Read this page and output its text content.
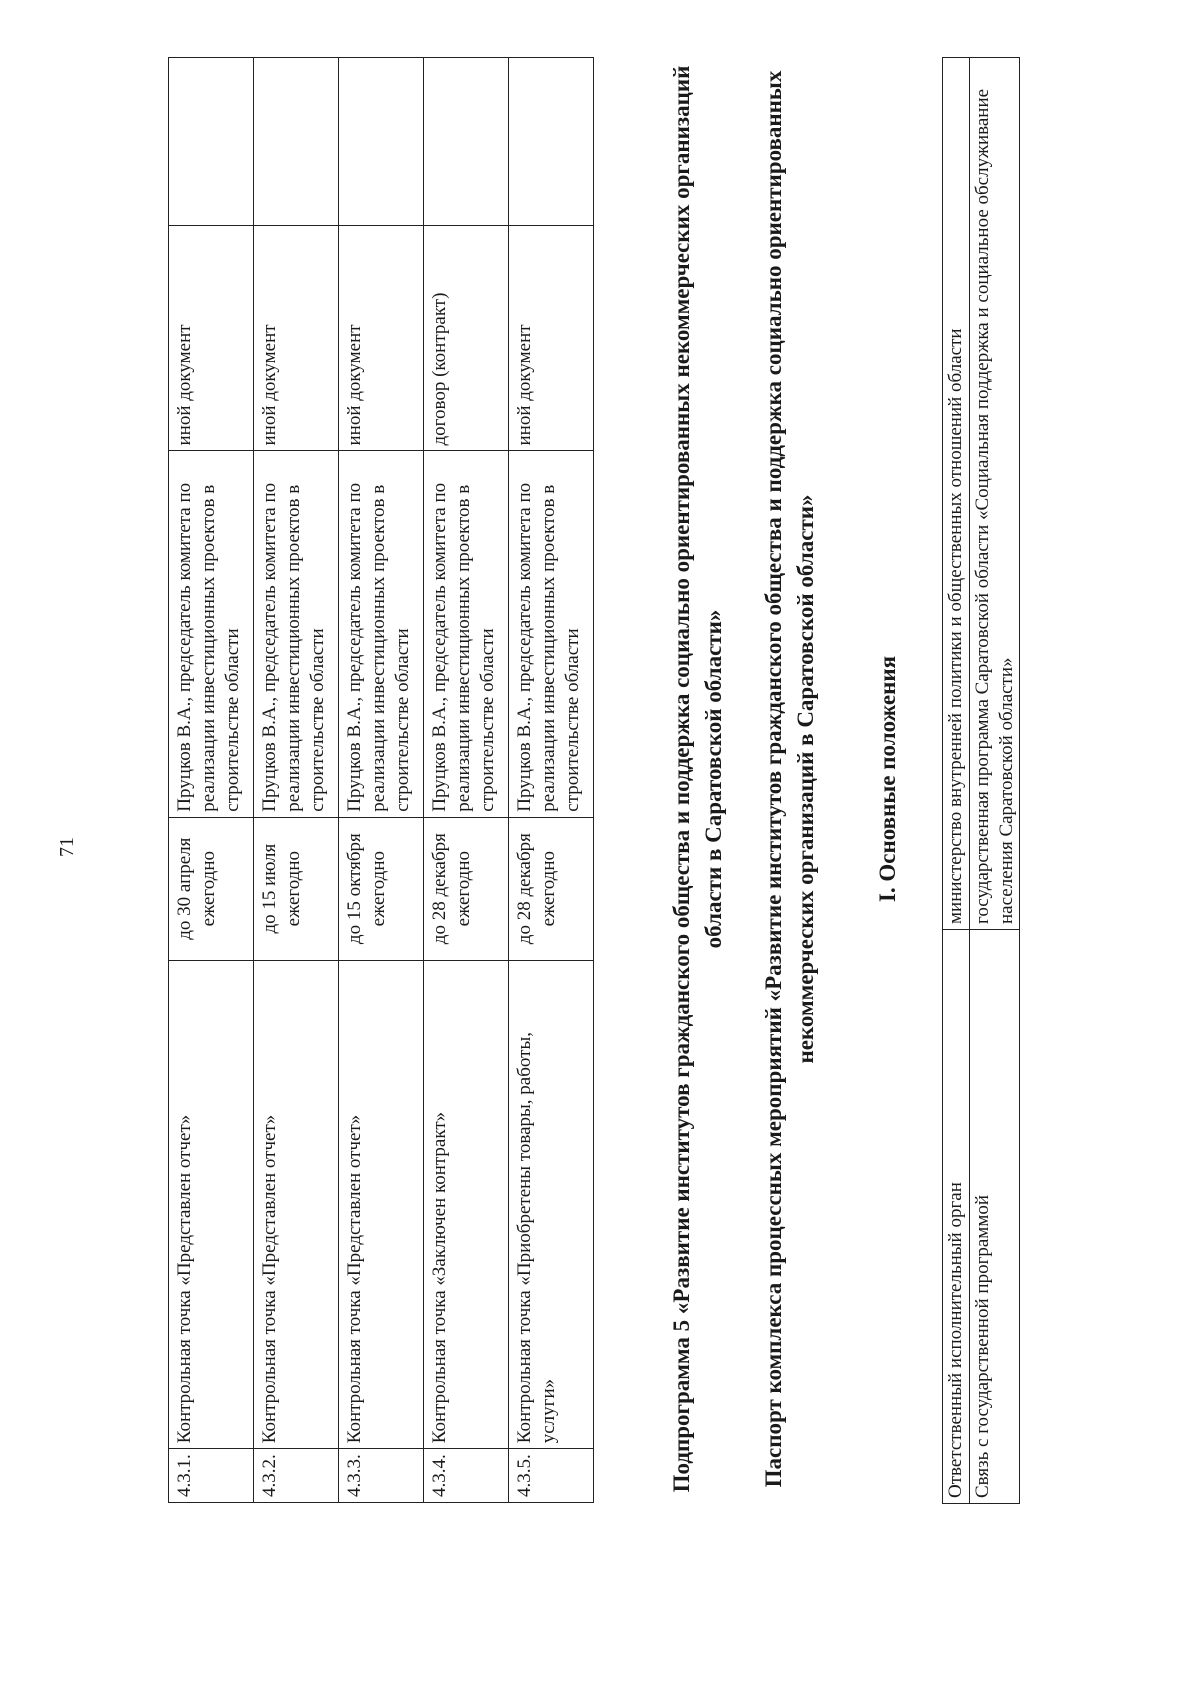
71
4.3.1.	Контрольная точка «Представлен отчет»	до 30 апреля ежегодно	Пруцков В.А., председатель комитета по реализации инвестиционных проектов в строительстве области	иной документ	
4.3.2.	Контрольная точка «Представлен отчет»	до 15 июля ежегодно	Пруцков В.А., председатель комитета по реализации инвестиционных проектов в строительстве области	иной документ	
4.3.3.	Контрольная точка «Представлен отчет»	до 15 октября ежегодно	Пруцков В.А., председатель комитета по реализации инвестиционных проектов в строительстве области	иной документ	
4.3.4.	Контрольная точка «Заключен контракт»	до 28 декабря ежегодно	Пруцков В.А., председатель комитета по реализации инвестиционных проектов в строительстве области	договор (контракт)	
4.3.5.	Контрольная точка «Приобретены товары, работы, услуги»	до 28 декабря ежегодно	Пруцков В.А., председатель комитета по реализации инвестиционных проектов в строительстве области	иной документ		Подпрограмма 5 «Развитие институтов гражданского общества и поддержка социально ориентированных некоммерческих организаций области в Саратовской области» Паспорт комплекса процессных мероприятий «Развитие институтов гражданского общества и поддержка социально ориентированных некоммерческих организаций в Саратовской области» I. Основные положения
Ответственный исполнительный орган	министерство внутренней политики и общественных отношений области
Связь с государственной программой	государственная программа Саратовской области «Социальная поддержка и социальное обслуживание населения Саратовской области»
